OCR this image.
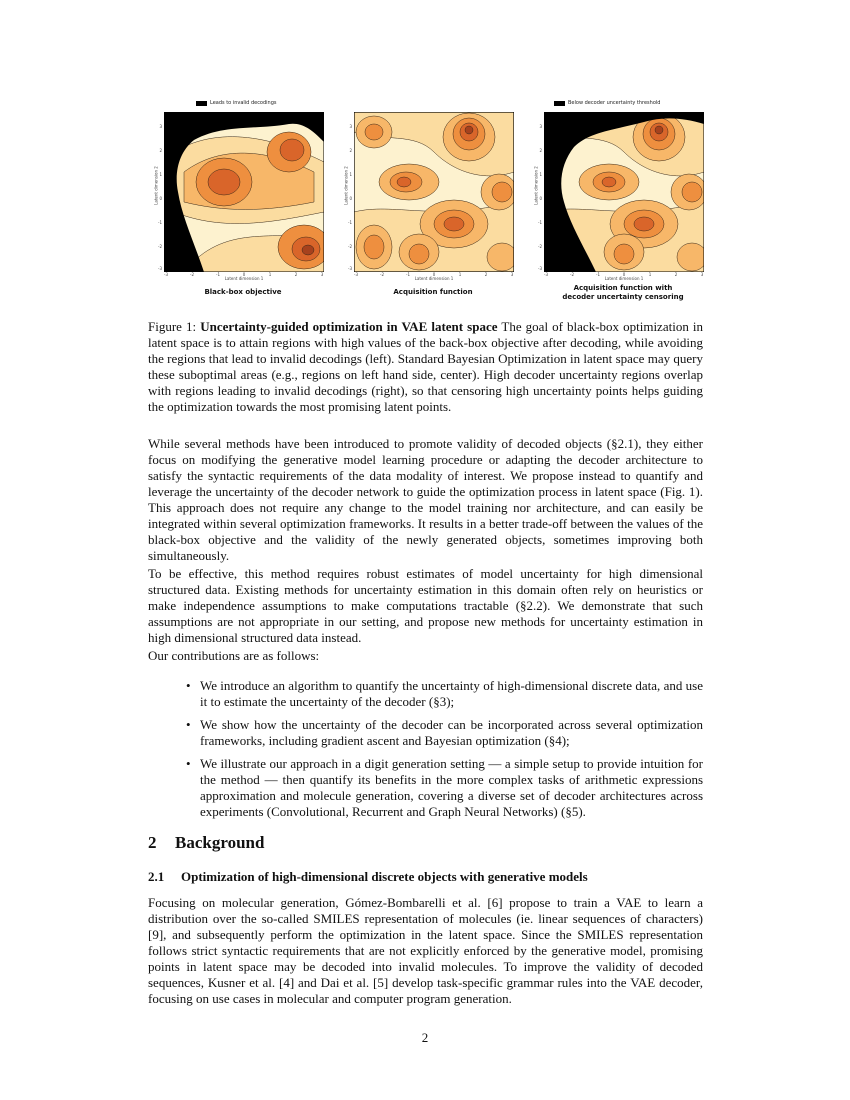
Leads to invalid decodings
3
2
1
0
-1
-2
-3
Latent dimension 2
-3	-2	-1	0	1	2	3
Latent dimension 1
Black-box objective
3
2
1
0
-1
-2
-3
Latent dimension 2
-3	-2	-1	0	1	2	3
Latent dimension 1
Acquisition function
Below decoder uncertainty threshold
3
2
1
0
-1
-2
-3
Latent dimension 2
-3	-2	-1	0	1	2	3
Latent dimension 1
Acquisition function with
decoder uncertainty censoring
Figure 1: Uncertainty-guided optimization in VAE latent space The goal of black-box optimization in latent space is to attain regions with high values of the back-box objective after decoding, while avoiding the regions that lead to invalid decodings (left). Standard Bayesian Optimization in latent space may query these suboptimal areas (e.g., regions on left hand side, center). High decoder uncertainty regions overlap with regions leading to invalid decodings (right), so that censoring high uncertainty points helps guiding the optimization towards the most promising latent points.

While several methods have been introduced to promote validity of decoded objects (§2.1), they either focus on modifying the generative model learning procedure or adapting the decoder architecture to satisfy the syntactic requirements of the data modality of interest. We propose instead to quantify and leverage the uncertainty of the decoder network to guide the optimization process in latent space (Fig. 1). This approach does not require any change to the model training nor architecture, and can easily be integrated within several optimization frameworks. It results in a better trade-off between the values of the black-box objective and the validity of the newly generated objects, sometimes improving both simultaneously.

To be effective, this method requires robust estimates of model uncertainty for high dimensional structured data. Existing methods for uncertainty estimation in this domain often rely on heuristics or make independence assumptions to make computations tractable (§2.2). We demonstrate that such assumptions are not appropriate in our setting, and propose new methods for uncertainty estimation in high dimensional structured data instead.

Our contributions are as follows:

• We introduce an algorithm to quantify the uncertainty of high-dimensional discrete data, and use it to estimate the uncertainty of the decoder (§3);
• We show how the uncertainty of the decoder can be incorporated across several optimization frameworks, including gradient ascent and Bayesian optimization (§4);
• We illustrate our approach in a digit generation setting — a simple setup to provide intuition for the method — then quantify its benefits in the more complex tasks of arithmetic expressions approximation and molecule generation, covering a diverse set of decoder architectures across experiments (Convolutional, Recurrent and Graph Neural Networks) (§5).
2 Background
2.1 Optimization of high-dimensional discrete objects with generative models

Focusing on molecular generation, Gómez-Bombarelli et al. [6] propose to train a VAE to learn a distribution over the so-called SMILES representation of molecules (ie. linear sequences of characters) [9], and subsequently perform the optimization in the latent space. Since the SMILES representation follows strict syntactic requirements that are not explicitly enforced by the generative model, promising points in latent space may be decoded into invalid molecules. To improve the validity of decoded sequences, Kusner et al. [4] and Dai et al. [5] develop task-specific grammar rules into the VAE decoder, focusing on use cases in molecular and computer program generation.

2
